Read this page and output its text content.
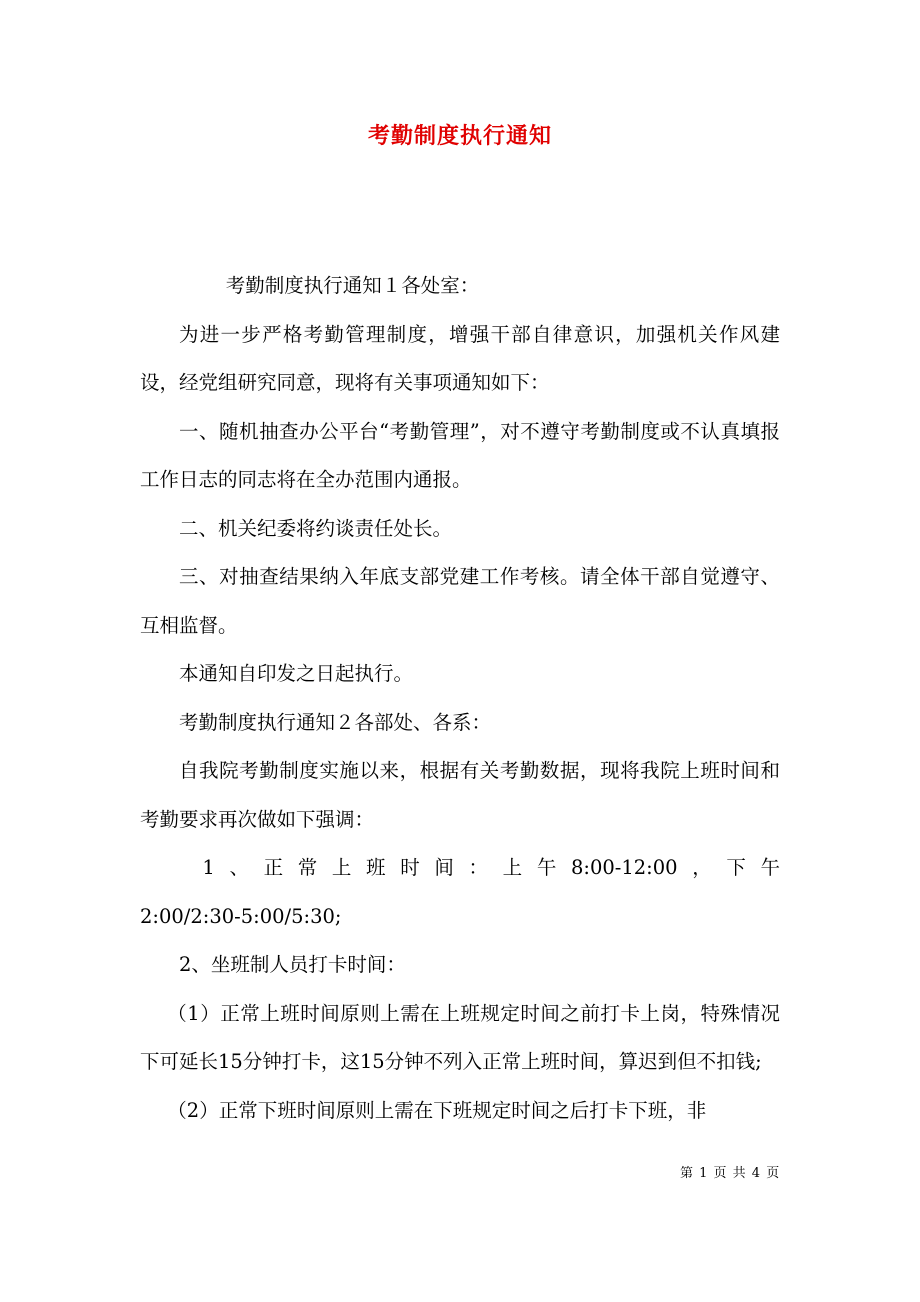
考勤制度执行通知

考勤制度执行通知１各处室：

为进一步严格考勤管理制度，增强干部自律意识，加强机关作风建设，经党组研究同意，现将有关事项通知如下：

一、随机抽查办公平台“考勤管理”，对不遵守考勤制度或不认真填报工作日志的同志将在全办范围内通报。

二、机关纪委将约谈责任处长。

三、对抽查结果纳入年底支部党建工作考核。请全体干部自觉遵守、互相监督。

本通知自印发之日起执行。

考勤制度执行通知２各部处、各系：

自我院考勤制度实施以来，根据有关考勤数据，现将我院上班时间和考勤要求再次做如下强调：

1、正常上班时间：上午8:00-12:00，下午
2:00/2:30-5:00/5:30;

2、坐班制人员打卡时间：

（1）正常上班时间原则上需在上班规定时间之前打卡上岗，特殊情况下可延长15分钟打卡，这15分钟不列入正常上班时间，算迟到但不扣钱;

（2）正常下班时间原则上需在下班规定时间之后打卡下班，非

第 1 页 共 4 页
